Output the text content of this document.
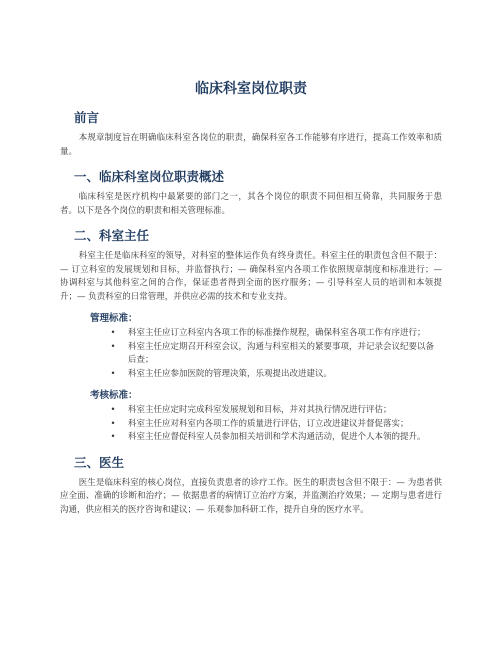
临床科室岗位职责
前言

本规章制度旨在明确临床科室各岗位的职责，确保科室各工作能够有序进行，提高工作效率和质量。

一、临床科室岗位职责概述

临床科室是医疗机构中最紧要的部门之一，其各个岗位的职责不同但相互倚靠，共同服务于患者。以下是各个岗位的职责和相关管理标准。

二、科室主任

科室主任是临床科室的领导，对科室的整体运作负有终身责任。科室主任的职责包含但不限于：— 订立科室的发展规划和目标，并监督执行；— 确保科室内各项工作依照规章制度和标准进行；— 协调科室与其他科室之间的合作，保证患者得到全面的医疗服务；— 引导科室人员的培训和本领提升；— 负责科室的日常管理，并供应必需的技术和专业支持。

管理标准：
• 科室主任应订立科室内各项工作的标准操作规程，确保科室各项工作有序进行；
• 科室主任应定期召开科室会议，沟通与科室相关的紧要事项，并记录会议纪要以备后查；
• 科室主任应参加医院的管理决策，乐观提出改进建议。
考核标准：
• 科室主任应定时完成科室发展规划和目标，并对其执行情况进行评估；
• 科室主任应对科室内各项工作的质量进行评估，订立改进建议并督促落实；
• 科室主任应督促科室人员参加相关培训和学术沟通活动，促进个人本领的提升。
三、医生

医生是临床科室的核心岗位，直接负责患者的诊疗工作。医生的职责包含但不限于：— 为患者供应全面、准确的诊断和治疗；— 依据患者的病情订立治疗方案，并监测治疗效果；— 定期与患者进行沟通，供应相关的医疗咨询和建议；— 乐观参加科研工作，提升自身的医疗水平。
